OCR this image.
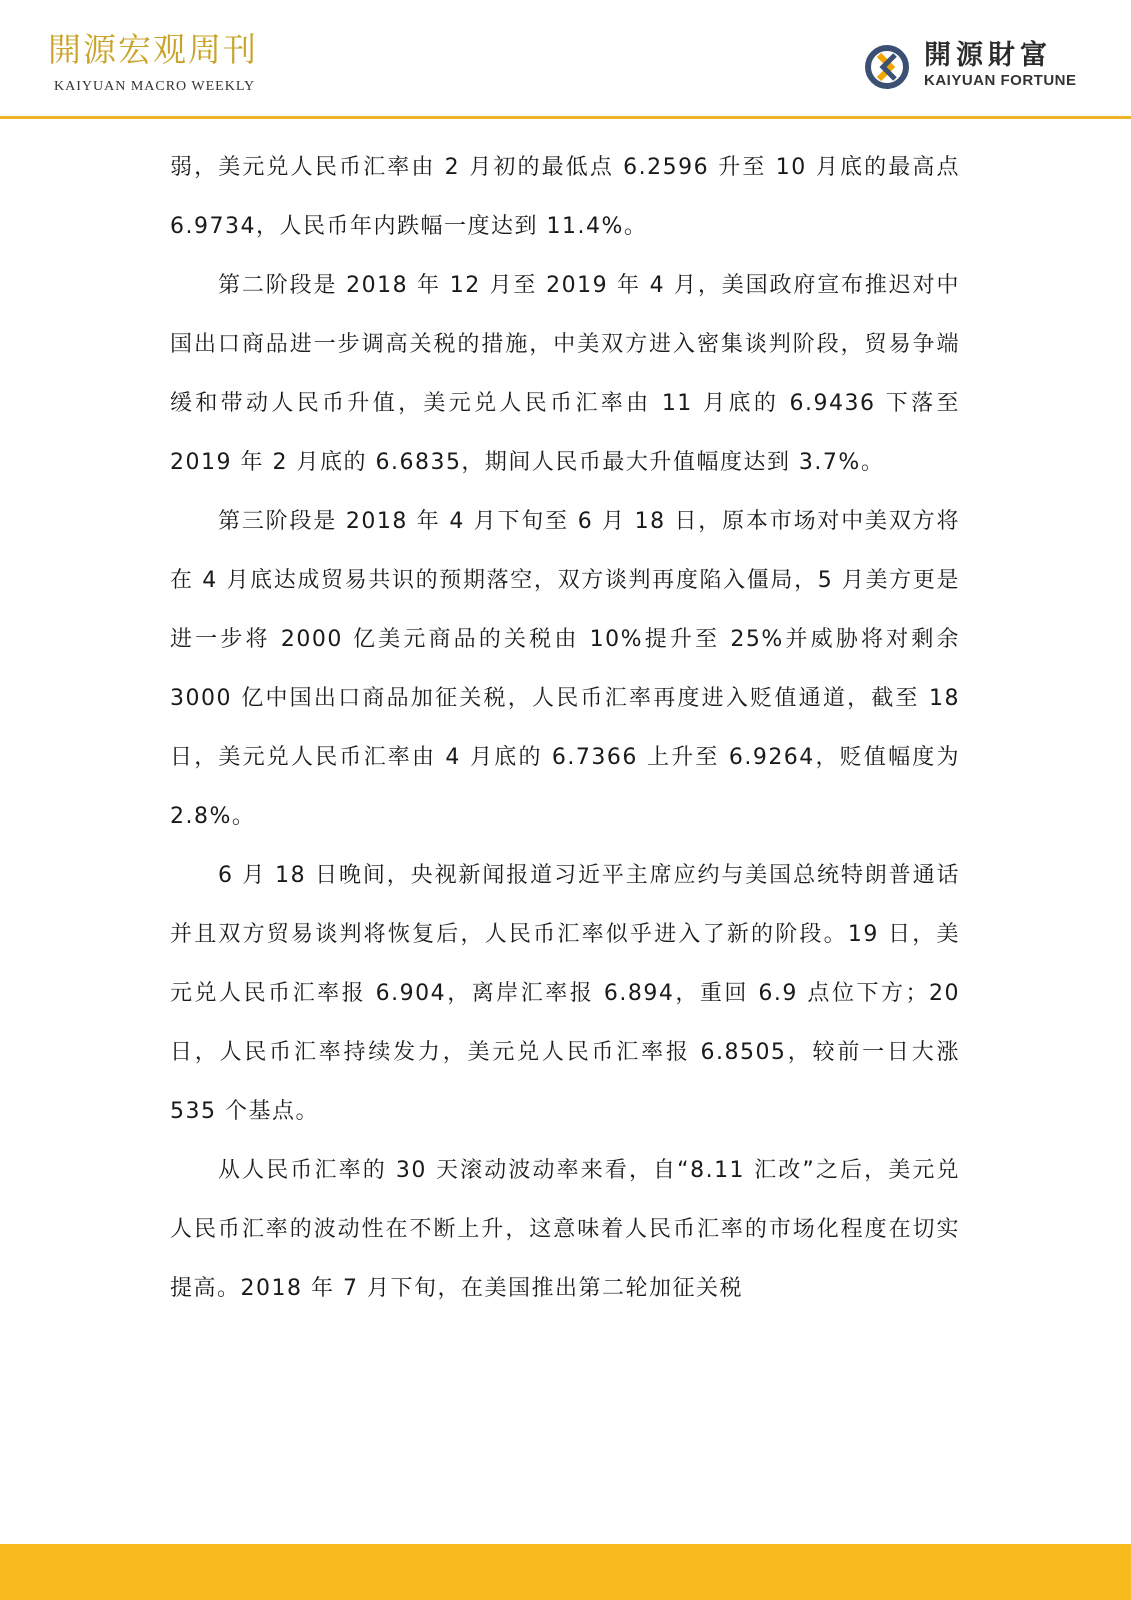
開源宏观周刊
KAIYUAN MACRO WEEKLY
開源財富
KAIYUAN FORTUNE

弱，美元兑人民币汇率由 2 月初的最低点 6.2596 升至 10 月底的最高点 6.9734，人民币年内跌幅一度达到 11.4%。

第二阶段是 2018 年 12 月至 2019 年 4 月，美国政府宣布推迟对中国出口商品进一步调高关税的措施，中美双方进入密集谈判阶段，贸易争端缓和带动人民币升值，美元兑人民币汇率由 11 月底的 6.9436 下落至 2019 年 2 月底的 6.6835，期间人民币最大升值幅度达到 3.7%。

第三阶段是 2018 年 4 月下旬至 6 月 18 日，原本市场对中美双方将在 4 月底达成贸易共识的预期落空，双方谈判再度陷入僵局，5 月美方更是进一步将 2000 亿美元商品的关税由 10%提升至 25%并威胁将对剩余 3000 亿中国出口商品加征关税，人民币汇率再度进入贬值通道，截至 18 日，美元兑人民币汇率由 4 月底的 6.7366 上升至 6.9264，贬值幅度为 2.8%。

6 月 18 日晚间，央视新闻报道习近平主席应约与美国总统特朗普通话并且双方贸易谈判将恢复后，人民币汇率似乎进入了新的阶段。19 日，美元兑人民币汇率报 6.904，离岸汇率报 6.894，重回 6.9 点位下方；20 日，人民币汇率持续发力，美元兑人民币汇率报 6.8505，较前一日大涨 535 个基点。

从人民币汇率的 30 天滚动波动率来看，自“8.11 汇改”之后，美元兑人民币汇率的波动性在不断上升，这意味着人民币汇率的市场化程度在切实提高。2018 年 7 月下旬，在美国推出第二轮加征关税
